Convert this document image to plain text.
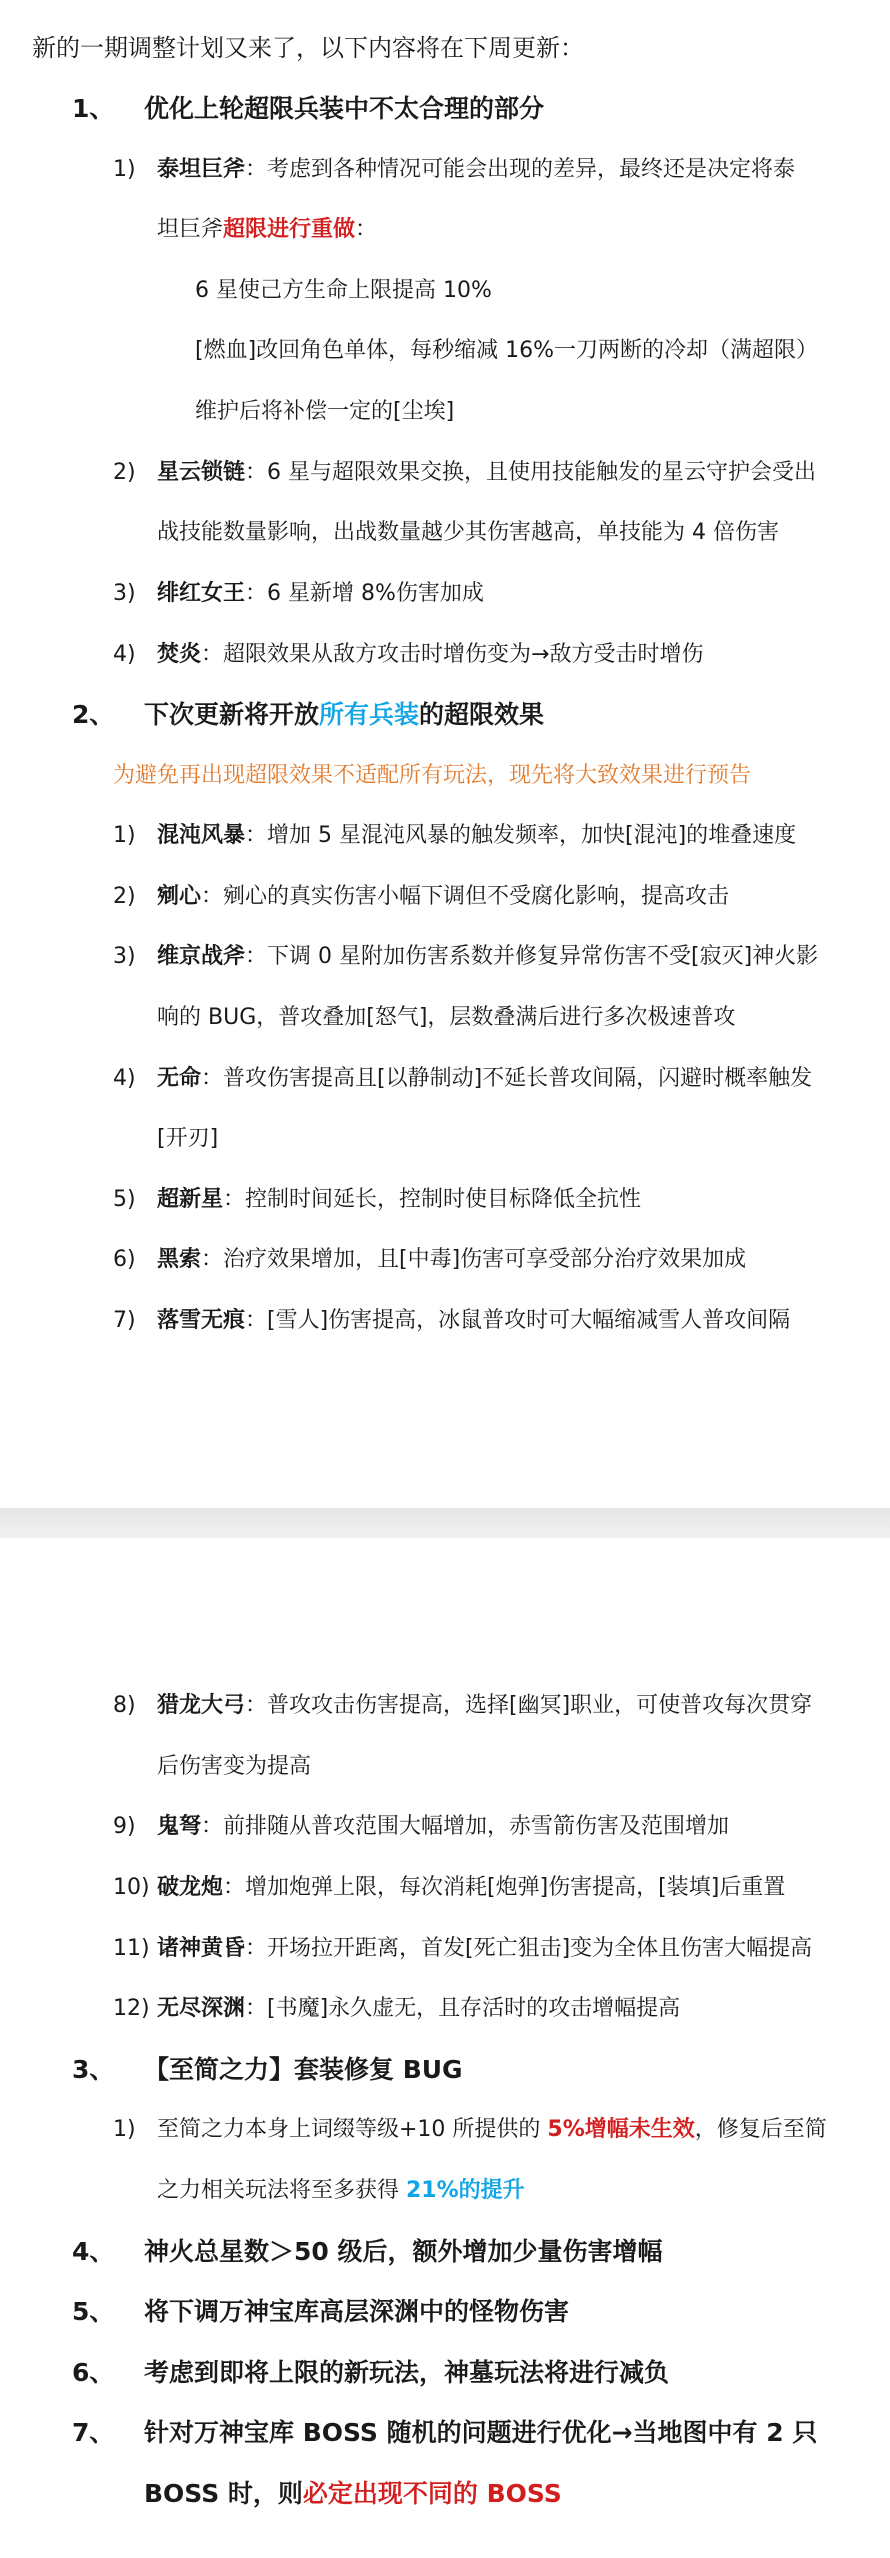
新的一期调整计划又来了，以下内容将在下周更新：
1、 优化上轮超限兵装中不太合理的部分
1) 泰坦巨斧：考虑到各种情况可能会出现的差异，最终还是决定将泰
坦巨斧超限进行重做：
6 星使己方生命上限提高 10%
[燃血]改回角色单体，每秒缩减 16%一刀两断的冷却（满超限）
维护后将补偿一定的[尘埃]
2) 星云锁链：6 星与超限效果交换，且使用技能触发的星云守护会受出
战技能数量影响，出战数量越少其伤害越高，单技能为 4 倍伤害
3) 绯红女王：6 星新增 8%伤害加成
4) 焚炎：超限效果从敌方攻击时增伤变为→敌方受击时增伤
2、 下次更新将开放所有兵装的超限效果
为避免再出现超限效果不适配所有玩法，现先将大致效果进行预告
1) 混沌风暴：增加 5 星混沌风暴的触发频率，加快[混沌]的堆叠速度
2) 剜心：剜心的真实伤害小幅下调但不受腐化影响，提高攻击
3) 维京战斧：下调 0 星附加伤害系数并修复异常伤害不受[寂灭]神火影
响的 BUG，普攻叠加[怒气]，层数叠满后进行多次极速普攻
4) 无命：普攻伤害提高且[以静制动]不延长普攻间隔，闪避时概率触发
[开刃]
5) 超新星：控制时间延长，控制时使目标降低全抗性
6) 黑索：治疗效果增加，且[中毒]伤害可享受部分治疗效果加成
7) 落雪无痕：[雪人]伤害提高，冰鼠普攻时可大幅缩减雪人普攻间隔
8) 猎龙大弓：普攻攻击伤害提高，选择[幽冥]职业，可使普攻每次贯穿
后伤害变为提高
9) 鬼弩：前排随从普攻范围大幅增加，赤雪箭伤害及范围增加
10) 破龙炮：增加炮弹上限，每次消耗[炮弹]伤害提高，[装填]后重置
11) 诸神黄昏：开场拉开距离，首发[死亡狙击]变为全体且伤害大幅提高
12) 无尽深渊：[书魔]永久虚无，且存活时的攻击增幅提高
3、 【至简之力】套装修复 BUG
1) 至简之力本身上词缀等级+10 所提供的 5%增幅未生效，修复后至简
之力相关玩法将至多获得 21%的提升
4、 神火总星数＞50 级后，额外增加少量伤害增幅
5、 将下调万神宝库高层深渊中的怪物伤害
6、 考虑到即将上限的新玩法，神墓玩法将进行减负
7、 针对万神宝库 BOSS 随机的问题进行优化→当地图中有 2 只
BOSS 时，则必定出现不同的 BOSS
